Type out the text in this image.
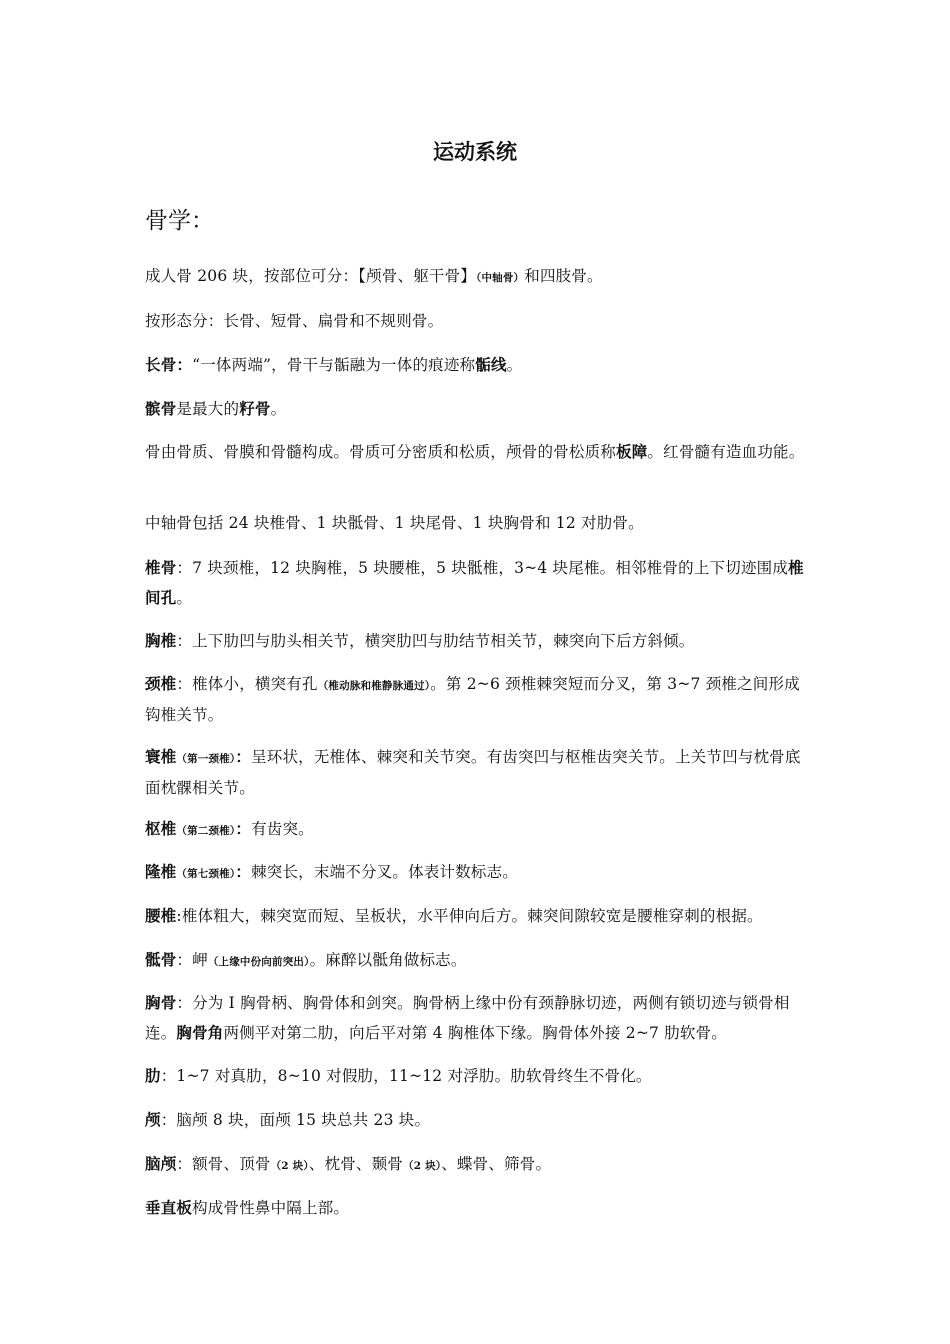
运动系统
骨学：
成人骨 206 块，按部位可分：【颅骨、躯干骨】（中轴骨）和四肢骨。
按形态分：长骨、短骨、扁骨和不规则骨。
长骨：“一体两端”，骨干与骺融为一体的痕迹称骺线。
髌骨是最大的籽骨。
骨由骨质、骨膜和骨髓构成。骨质可分密质和松质，颅骨的骨松质称板障。红骨髓有造血功能。
中轴骨包括 24 块椎骨、1 块骶骨、1 块尾骨、1 块胸骨和 12 对肋骨。
椎骨：7 块颈椎，12 块胸椎，5 块腰椎，5 块骶椎，3~4 块尾椎。相邻椎骨的上下切迹围成椎间孔。
胸椎：上下肋凹与肋头相关节，横突肋凹与肋结节相关节，棘突向下后方斜倾。
颈椎：椎体小，横突有孔（椎动脉和椎静脉通过）。第 2~6 颈椎棘突短而分叉，第 3~7 颈椎之间形成钩椎关节。
寰椎（第一颈椎）：呈环状，无椎体、棘突和关节突。有齿突凹与枢椎齿突关节。上关节凹与枕骨底面枕髁相关节。
枢椎（第二颈椎）：有齿突。
隆椎（第七颈椎）：棘突长，末端不分叉。体表计数标志。
腰椎:椎体粗大，棘突宽而短、呈板状，水平伸向后方。棘突间隙较宽是腰椎穿刺的根据。
骶骨：岬（上缘中份向前突出）。麻醉以骶角做标志。
胸骨：分为 I 胸骨柄、胸骨体和剑突。胸骨柄上缘中份有颈静脉切迹，两侧有锁切迹与锁骨相连。胸骨角两侧平对第二肋，向后平对第 4 胸椎体下缘。胸骨体外接 2~7 肋软骨。
肋：1~7 对真肋，8~10 对假肋，11~12 对浮肋。肋软骨终生不骨化。
颅：脑颅 8 块，面颅 15 块总共 23 块。
脑颅：额骨、顶骨（2 块）、枕骨、颞骨（2 块）、蝶骨、筛骨。
垂直板构成骨性鼻中隔上部。
